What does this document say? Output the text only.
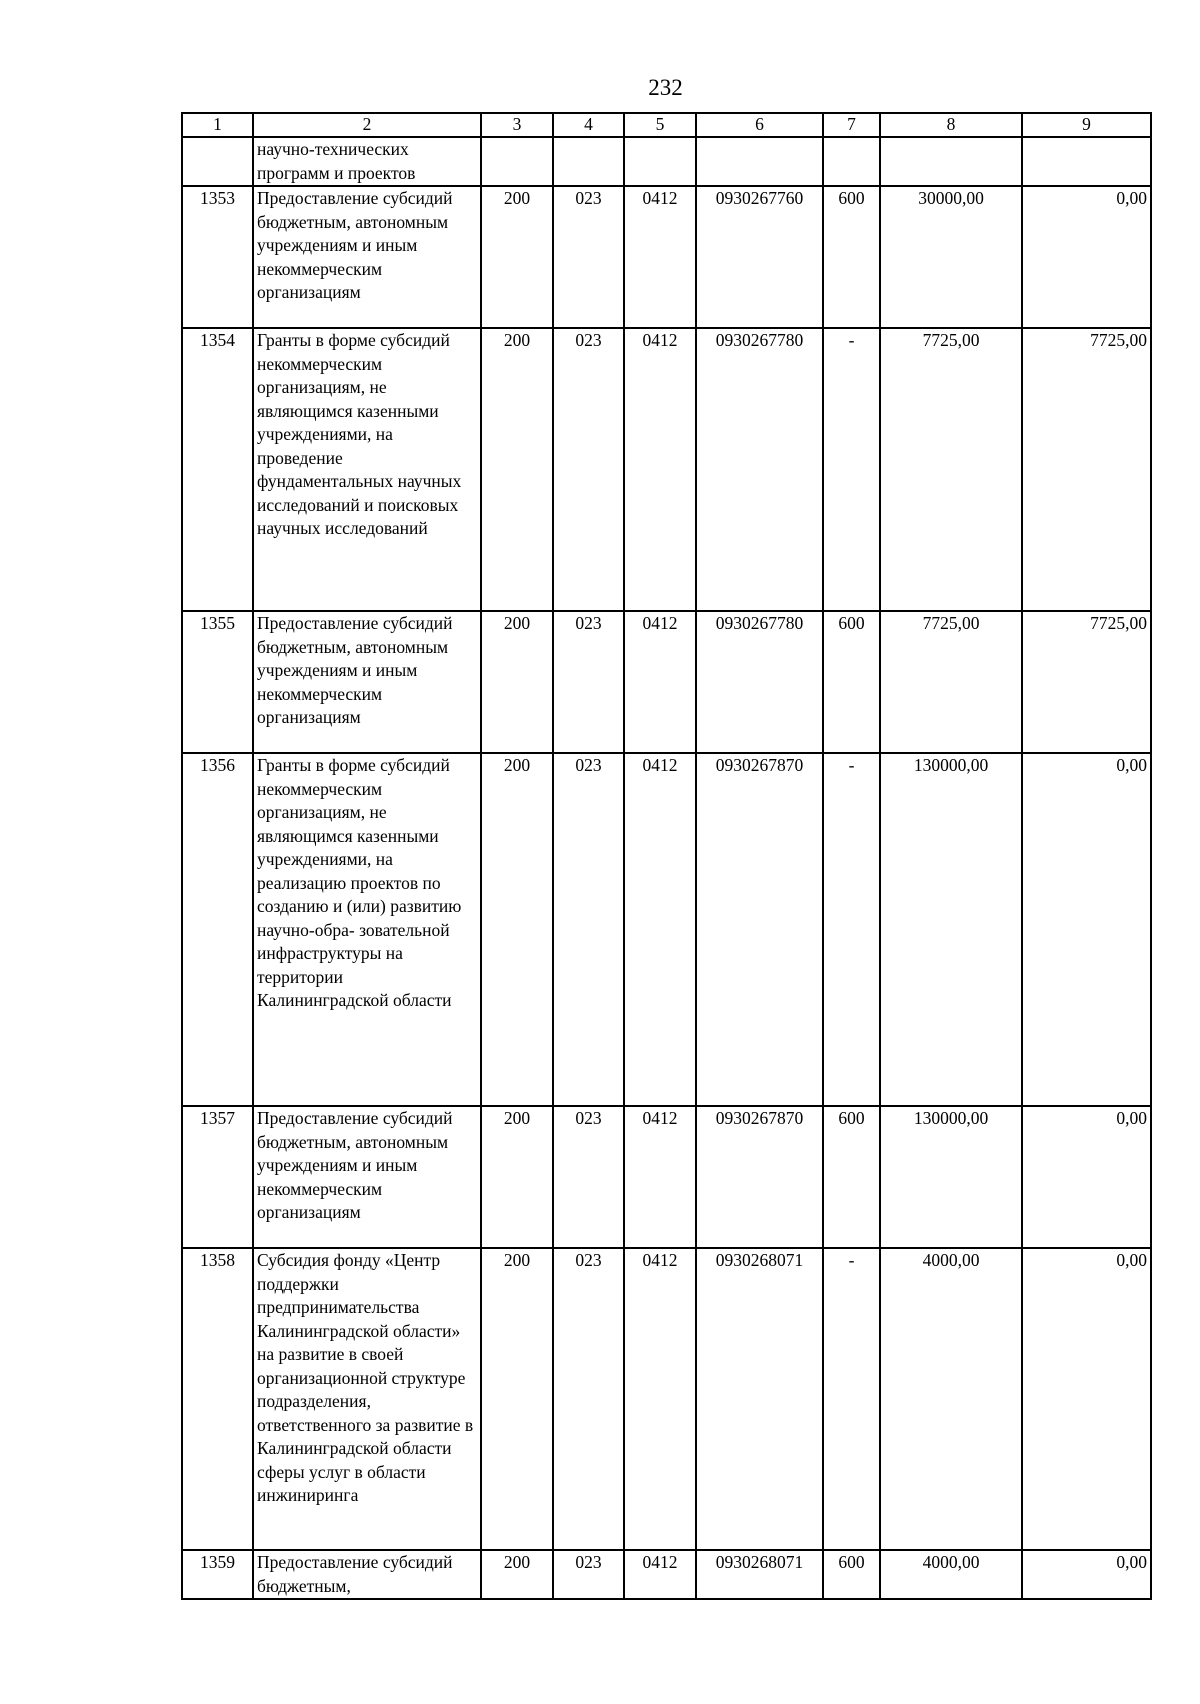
232
1	2	3	4	5	6	7	8	9
	научно-технических программ и проектов							
1353	Предоставление субсидий бюджетным, автономным учреждениям и иным некоммерческим организациям	200	023	0412	0930267760	600	30000,00	0,00
1354	Гранты в форме субсидий некоммерческим организациям, не являющимся казенными учреждениями, на проведение фундаментальных научных исследований и поисковых научных исследований	200	023	0412	0930267780	-	7725,00	7725,00
1355	Предоставление субсидий бюджетным, автономным учреждениям и иным некоммерческим организациям	200	023	0412	0930267780	600	7725,00	7725,00
1356	Гранты в форме субсидий некоммерческим организациям, не являющимся казенными учреждениями, на реализацию проектов по созданию и (или) развитию научно-обра- зовательной инфраструктуры на территории Калининградской области	200	023	0412	0930267870	-	130000,00	0,00
1357	Предоставление субсидий бюджетным, автономным учреждениям и иным некоммерческим организациям	200	023	0412	0930267870	600	130000,00	0,00
1358	Субсидия фонду «Центр поддержки предпринимательства Калининградской области» на развитие в своей организационной структуре подразделения, ответственного за развитие в Калининградской области сферы услуг в области инжиниринга	200	023	0412	0930268071	-	4000,00	0,00
1359	Предоставление субсидий бюджетным,	200	023	0412	0930268071	600	4000,00	0,00
